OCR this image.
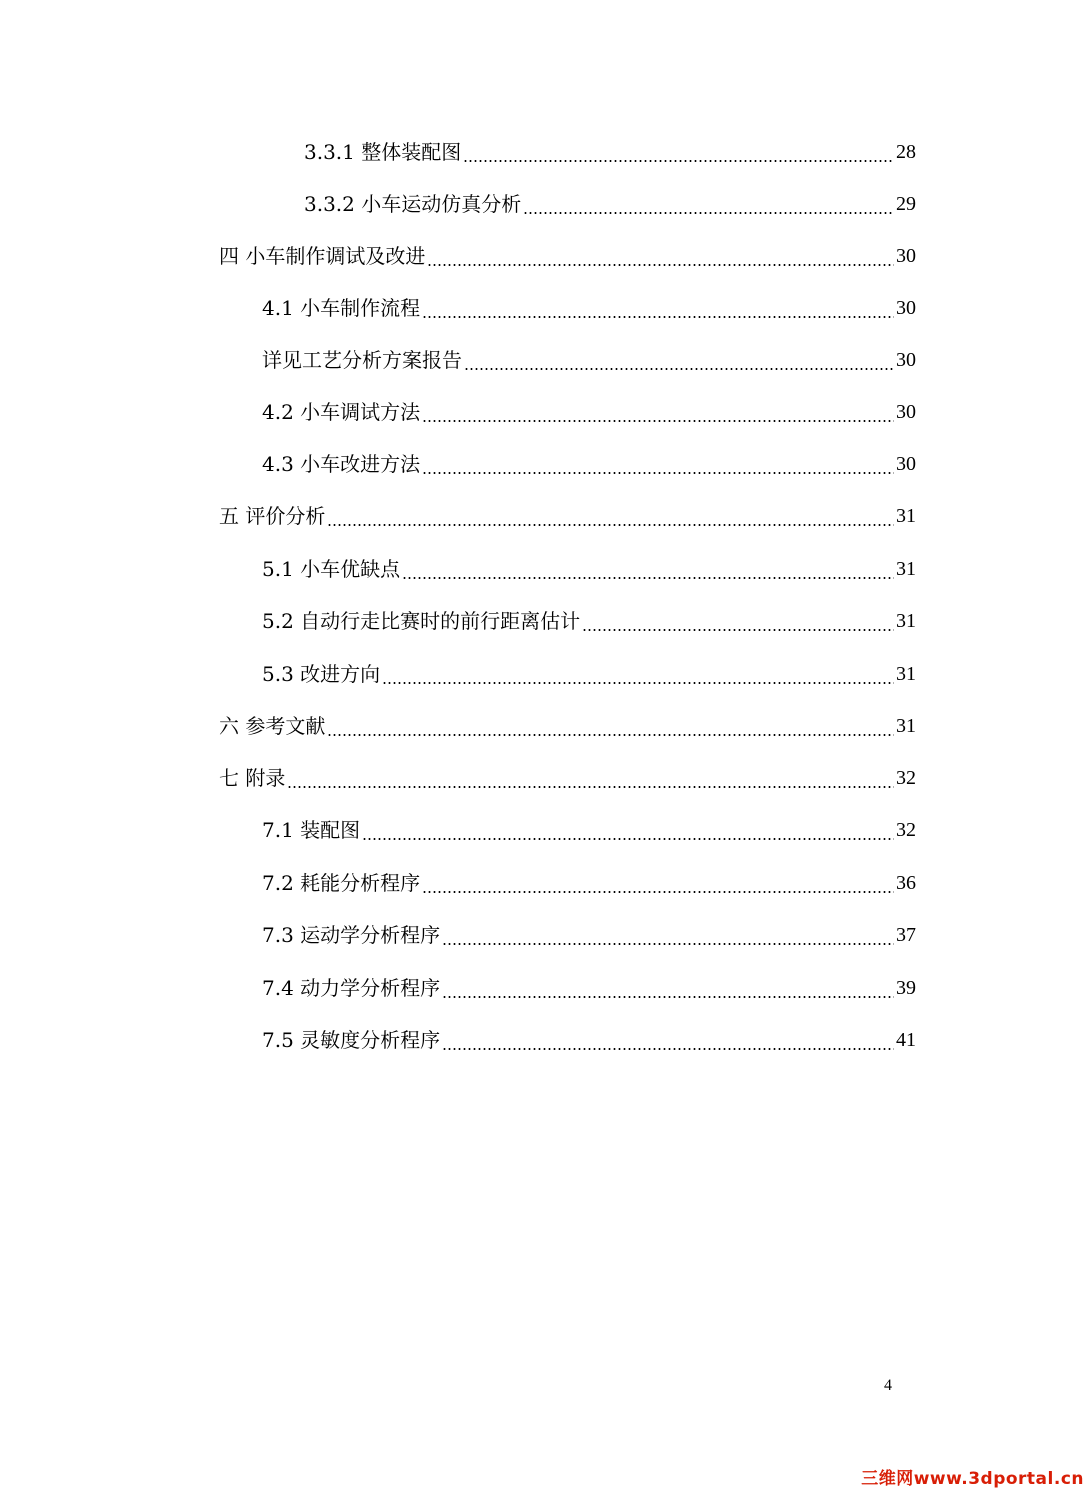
3.3.1 整体装配图	28
3.3.2 小车运动仿真分析	29
四 小车制作调试及改进	30
4.1 小车制作流程	30
详见工艺分析方案报告	30
4.2 小车调试方法	30
4.3 小车改进方法	30
五 评价分析	31
5.1 小车优缺点	31
5.2 自动行走比赛时的前行距离估计	31
5.3 改进方向	31
六 参考文献	31
七 附录	32
7.1 装配图	32
7.2 耗能分析程序	36
7.3 运动学分析程序	37
7.4 动力学分析程序	39
7.5 灵敏度分析程序	41
4
三维网www.3dportal.cn
